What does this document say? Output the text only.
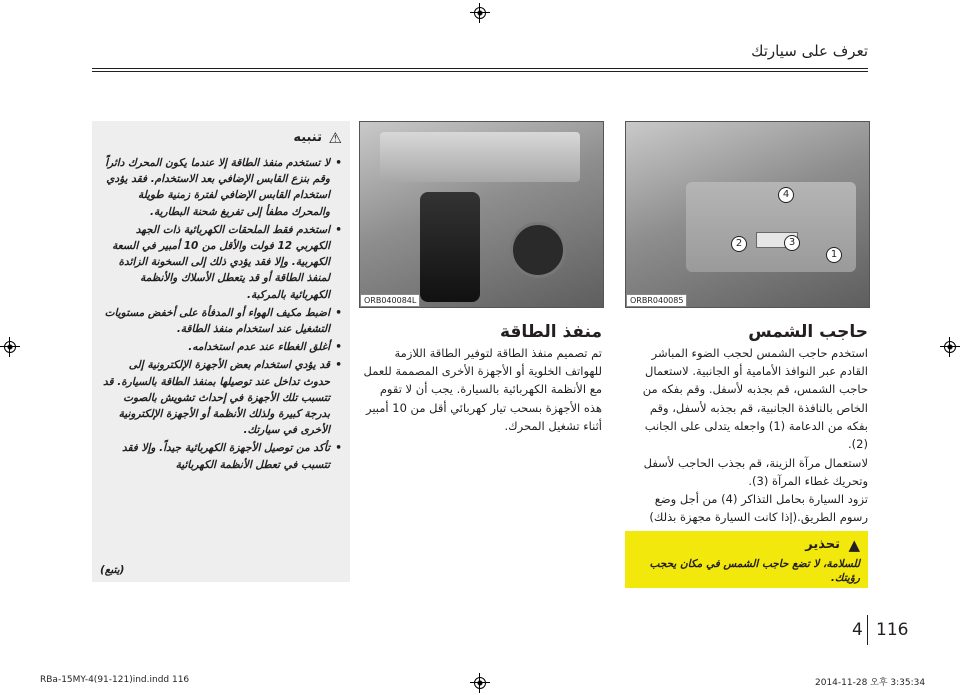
تعرف على سيارتك
1
2	3
4
ORBR040085
حاجب الشمس
استخدم حاجب الشمس لحجب الضوء المباشر القادم عبر النوافذ الأمامية أو الجانبية. لاستعمال حاجب الشمس، قم بجذبه لأسفل. وقم بفكه من الخاص بالنافذة الجانبية، قم بجذبه لأسفل، وقم بفكه من الدعامة (1) واجعله يتدلى على الجانب (2).
لاستعمال مرآة الزينة، قم بجذب الحاجب لأسفل وتحريك غطاء المرآة (3).
تزود السيارة بحامل التذاكر (4) من أجل وضع رسوم الطريق.(إذا كانت السيارة مجهزة بذلك)
تحذير ▲
للسلامة، لا تضع حاجب الشمس في مكان يحجب رؤيتك.
ORB040084L
منفذ الطاقة
تم تصميم منفذ الطاقة لتوفير الطاقة اللازمة للهواتف الخلوية أو الأجهزة الأخرى المصممة للعمل مع الأنظمة الكهربائية بالسيارة. يجب أن لا تقوم هذه الأجهزة بسحب تيار كهربائي أقل من 10 أمبير أثناء تشغيل المحرك.
تنبيه ⚠
• لا تستخدم منفذ الطاقة إلا عندما يكون المحرك دائراً وقم بنزع القابس الإضافي بعد الاستخدام. فقد يؤدي استخدام القابس الإضافي لفترة زمنية طويلة والمحرك مطفأ إلى تفريغ شحنة البطارية.
• استخدم فقط الملحقات الكهربائية ذات الجهد الكهربي 12 فولت والأقل من 10 أمبير في السعة الكهربية. وإلا فقد يؤدي ذلك إلى السخونة الزائدة لمنفذ الطاقة أو قد يتعطل الأسلاك والأنظمة الكهربائية بالمركبة.
• اضبط مكيف الهواء أو المدفأة على أخفض مستويات التشغيل عند استخدام منفذ الطاقة.
• أغلق الغطاء عند عدم استخدامه.
• قد يؤدي استخدام بعض الأجهزة الإلكترونية إلى حدوث تداخل عند توصيلها بمنفذ الطاقة بالسيارة. قد تتسبب تلك الأجهزة في إحداث تشويش بالصوت بدرجة كبيرة ولذلك الأنظمة أو الأجهزة الإلكترونية الأخرى في سيارتك.
• تأكد من توصيل الأجهزة الكهربائية جيداً. وإلا فقد تتسبب في تعطل الأنظمة الكهربائية
(يتبع)
4 116
RBa-15MY-4(91-121)ind.indd 116	2014-11-28 오후 3:35:34
